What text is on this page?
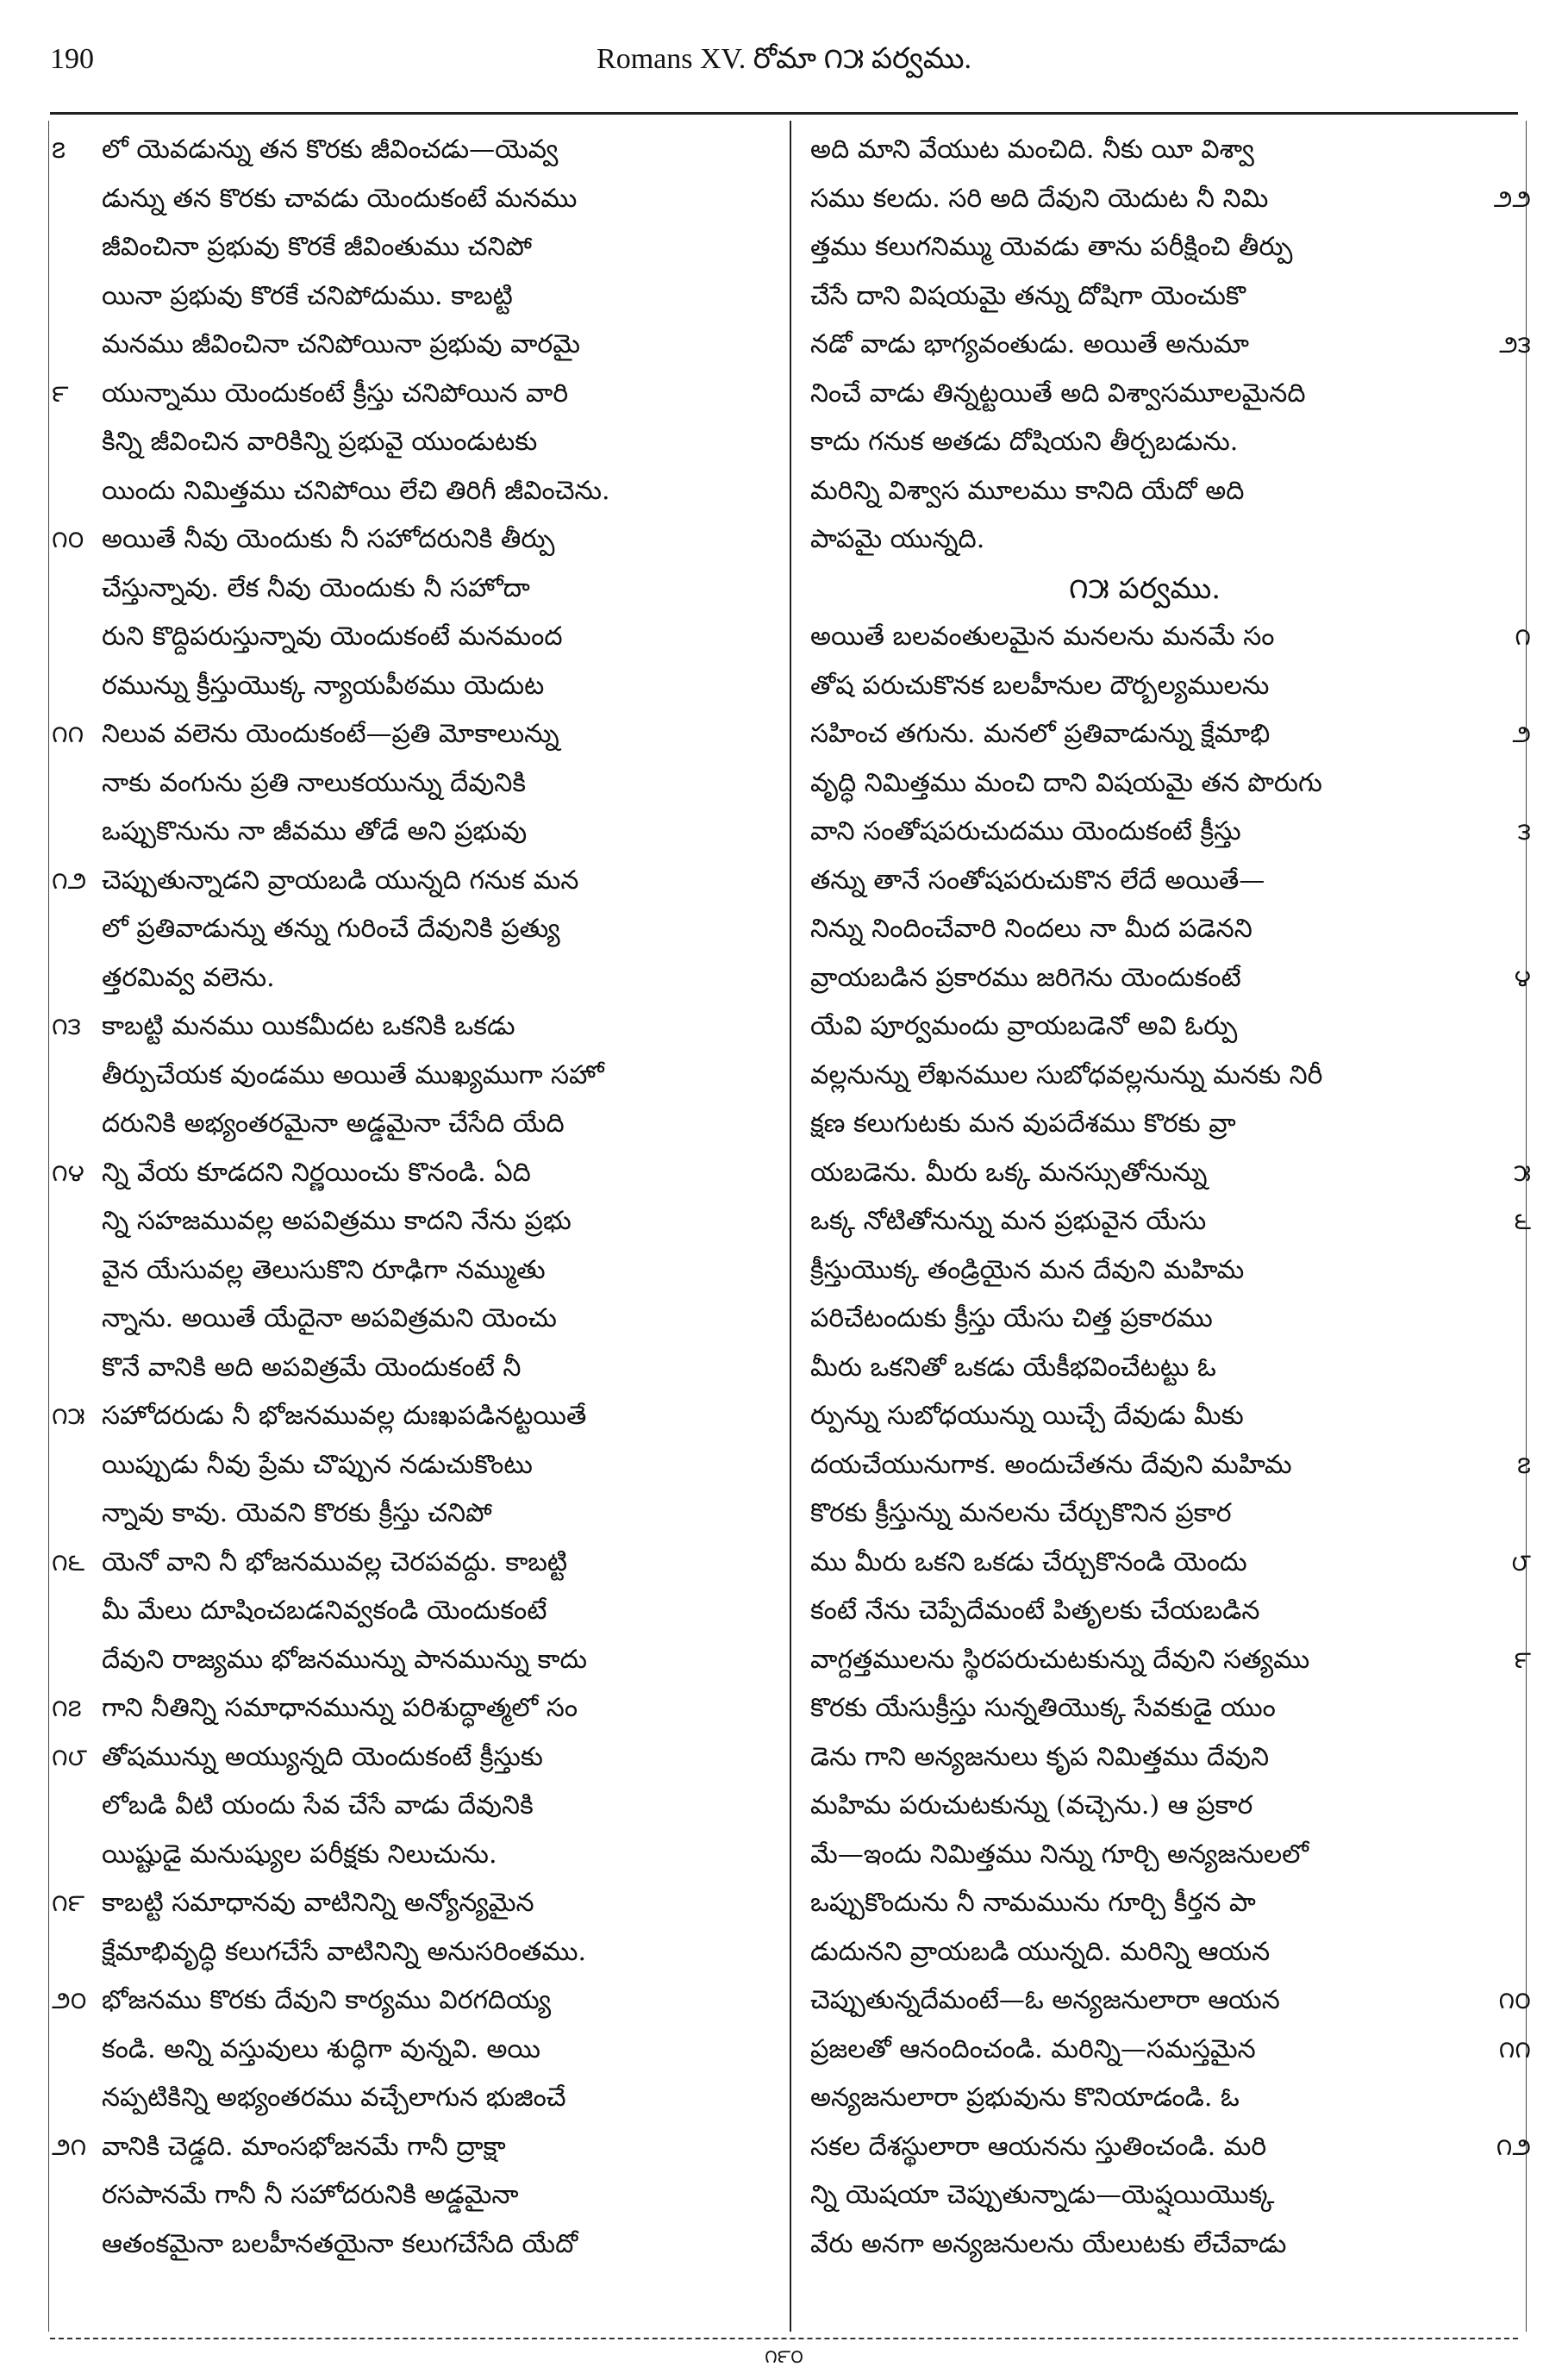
190	Romans XV. రోమా ౧౫ పర్వము.
౭ లో యెవడున్ను తన కొరకు జీవించడు—యెవ్వ
డున్ను తన కొరకు చావడు యెందుకంటే మనము
జీవించినా ప్రభువు కొరకే జీవింతుము చనిపో
యినా ప్రభువు కొరకే చనిపోదుము. కాబట్టి
మనము జీవించినా చనిపోయినా ప్రభువు వారమై
౯ యున్నాము యెందుకంటే క్రీస్తు చనిపోయిన వారి
కిన్ని జీవించిన వారికిన్ని ప్రభువై యుండుటకు
యిందు నిమిత్తము చనిపోయి లేచి తిరిగీ జీవించెను.
౧౦ అయితే నీవు యెందుకు నీ సహోదరునికి తీర్పు
చేస్తున్నావు. లేక నీవు యెందుకు నీ సహోదా
రుని కొద్దిపరుస్తున్నావు యెందుకంటే మనమంద
రమున్ను క్రీస్తుయొక్క న్యాయపీఠము యెదుట
౧౧ నిలువ వలెను యెందుకంటే—ప్రతి మోకాలున్ను
నాకు వంగును ప్రతి నాలుకయున్ను దేవునికి
ఒప్పుకొనును నా జీవము తోడే అని ప్రభువు
౧౨ చెప్పుతున్నాడని వ్రాయబడి యున్నది గనుక మన
లో ప్రతివాడున్ను తన్ను గురించే దేవునికి ప్రత్యు
త్తరమివ్వ వలెను.
౧౩ కాబట్టి మనము యికమీదట ఒకనికి ఒకడు
తీర్పుచేయక వుండము అయితే ముఖ్యముగా సహో
దరునికి అభ్యంతరమైనా అడ్డమైనా చేసేది యేది
౧౪ న్ని వేయ కూడదని నిర్ణయించు కొనండి. ఏది
న్ని సహజమువల్ల అపవిత్రము కాదని నేను ప్రభు
వైన యేసువల్ల తెలుసుకొని రూఢిగా నమ్ముతు
న్నాను. అయితే యేదైనా అపవిత్రమని యెంచు
కొనే వానికి అది అపవిత్రమే యెందుకంటే నీ
౧౫ సహోదరుడు నీ భోజనమువల్ల దుఃఖపడినట్టయితే
యిప్పుడు నీవు ప్రేమ చొప్పున నడుచుకొంటు
న్నావు కావు. యెవని కొరకు క్రీస్తు చనిపో
౧౬ యెనో వాని నీ భోజనమువల్ల చెరపవద్దు. కాబట్టి
మీ మేలు దూషించబడనివ్వకండి యెందుకంటే
దేవుని రాజ్యము భోజనమున్ను పానమున్ను కాదు
౧౭ గాని నీతిన్ని సమాధానమున్ను పరిశుద్ధాత్మలో సం
౧౮ తోషమున్ను అయ్యున్నది యెందుకంటే క్రీస్తుకు
లోబడి వీటి యందు సేవ చేసే వాడు దేవునికి
యిష్టుడై మనుష్యుల పరీక్షకు నిలుచును.
౧౯ కాబట్టి సమాధానవు వాటినిన్ని అన్యోన్యమైన
క్షేమాభివృద్ధి కలుగచేసే వాటినిన్ని అనుసరింతము.
౨౦ భోజనము కొరకు దేవుని కార్యము విరగదియ్య
కండి. అన్ని వస్తువులు శుద్ధిగా వున్నవి. అయి
నప్పటికిన్ని అభ్యంతరము వచ్చేలాగున భుజించే
౨౧ వానికి చెడ్డది. మాంసభోజనమే గానీ ద్రాక్షా
రసపానమే గానీ నీ సహోదరునికి అడ్డమైనా
ఆతంకమైనా బలహీనతయైనా కలుగచేసేది యేదో
అది మాని వేయుట మంచిది. నీకు యీ విశ్వా
౨౨
సము కలదు. సరి అది దేవుని యెదుట నీ నిమి
త్తము కలుగనిమ్ము యెవడు తాను పరీక్షించి తీర్పు
చేసే దాని విషయమై తన్ను దోషిగా యెంచుకొ
౨౩
నడో వాడు భాగ్యవంతుడు. అయితే అనుమా
నించే వాడు తిన్నట్టయితే అది విశ్వాసమూలమైనది
కాదు గనుక అతడు దోషియని తీర్చబడును.
మరిన్ని విశ్వాస మూలము కానిది యేదో అది
పాపమై యున్నది.
౧౫ పర్వము.
౧
అయితే బలవంతులమైన మనలను మనమే సం
తోష పరుచుకొనక బలహీనుల దౌర్బల్యములను
౨
సహించ తగును. మనలో ప్రతివాడున్ను క్షేమాభి
వృద్ధి నిమిత్తము మంచి దాని విషయమై తన పొరుగు
౩
వాని సంతోషపరుచుదము యెందుకంటే క్రీస్తు
తన్ను తానే సంతోషపరుచుకొన లేదే అయితే—
నిన్ను నిందించేవారి నిందలు నా మీద పడెనని
౪
వ్రాయబడిన ప్రకారము జరిగెను యెందుకంటే
యేవి పూర్వమందు వ్రాయబడెనో అవి ఓర్పు
వల్లనున్ను లేఖనముల సుబోధవల్లనున్ను మనకు నిరీ
క్షణ కలుగుటకు మన వుపదేశము కొరకు వ్రా
౫
యబడెను. మీరు ఒక్క మనస్సుతోనున్ను
౬
ఒక్క నోటితోనున్ను మన ప్రభువైన యేసు
క్రీస్తుయొక్క తండ్రియైన మన దేవుని మహిమ
పరిచేటందుకు క్రీస్తు యేసు చిత్త ప్రకారము
మీరు ఒకనితో ఒకడు యేకీభవించేటట్టు ఓ
ర్పున్ను సుబోధయున్ను యిచ్చే దేవుడు మీకు
౭
దయచేయునుగాక. అందుచేతను దేవుని మహిమ
కొరకు క్రీస్తున్ను మనలను చేర్చుకొనిన ప్రకార
౮
ము మీరు ఒకని ఒకడు చేర్చుకొనండి యెందు
కంటే నేను చెప్పేదేమంటే పితృలకు చేయబడిన
౯
వాగ్దత్తములను స్థిరపరుచుటకున్ను దేవుని సత్యము
కొరకు యేసుక్రీస్తు సున్నతియొక్క సేవకుడై యుం
డెను గాని అన్యజనులు కృప నిమిత్తము దేవుని
మహిమ పరుచుటకున్ను (వచ్చెను.) ఆ ప్రకార
మే—ఇందు నిమిత్తము నిన్ను గూర్చి అన్యజనులలో
ఒప్పుకొందును నీ నామమును గూర్చి కీర్తన పా
డుదునని వ్రాయబడి యున్నది. మరిన్ని ఆయన
౧౦
చెప్పుతున్నదేమంటే—ఓ అన్యజనులారా ఆయన
౧౧
ప్రజలతో ఆనందించండి. మరిన్ని—సమస్తమైన
అన్యజనులారా ప్రభువును కొనియాడండి. ఓ
౧౨
సకల దేశస్థులారా ఆయనను స్తుతించండి. మరి
న్ని యెషయా చెప్పుతున్నాడు—యెష్షయియొక్క
వేరు అనగా అన్యజనులను యేలుటకు లేచేవాడు
౧౯౦
